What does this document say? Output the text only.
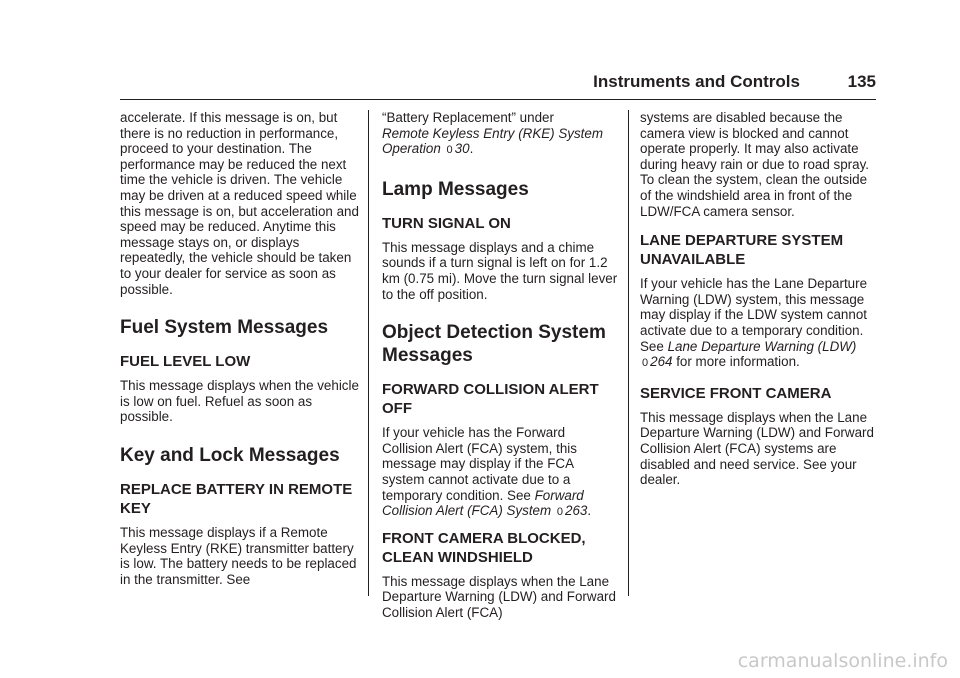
Instruments and Controls	135

accelerate. If this message is on, but there is no reduction in performance, proceed to your destination. The performance may be reduced the next time the vehicle is driven. The vehicle may be driven at a reduced speed while this message is on, but acceleration and speed may be reduced. Anytime this message stays on, or displays repeatedly, the vehicle should be taken to your dealer for service as soon as possible.

Fuel System Messages
FUEL LEVEL LOW

This message displays when the vehicle is low on fuel. Refuel as soon as possible.

Key and Lock Messages
REPLACE BATTERY IN REMOTE KEY

This message displays if a Remote Keyless Entry (RKE) transmitter battery is low. The battery needs to be replaced in the transmitter. See

“Battery Replacement” under
Remote Keyless Entry (RKE) System Operation 0 30.

Lamp Messages
TURN SIGNAL ON

This message displays and a chime sounds if a turn signal is left on for 1.2 km (0.75 mi). Move the turn signal lever to the off position.

Object Detection System Messages
FORWARD COLLISION ALERT OFF

If your vehicle has the Forward Collision Alert (FCA) system, this message may display if the FCA system cannot activate due to a temporary condition. See Forward Collision Alert (FCA) System 0 263.

FRONT CAMERA BLOCKED, CLEAN WINDSHIELD

This message displays when the Lane Departure Warning (LDW) and Forward Collision Alert (FCA)

systems are disabled because the camera view is blocked and cannot operate properly. It may also activate during heavy rain or due to road spray. To clean the system, clean the outside of the windshield area in front of the LDW/FCA camera sensor.

LANE DEPARTURE SYSTEM UNAVAILABLE

If your vehicle has the Lane Departure Warning (LDW) system, this message may display if the LDW system cannot activate due to a temporary condition. See Lane Departure Warning (LDW) 0 264 for more information.

SERVICE FRONT CAMERA

This message displays when the Lane Departure Warning (LDW) and Forward Collision Alert (FCA) systems are disabled and need service. See your dealer.

carmanualsonline.info
